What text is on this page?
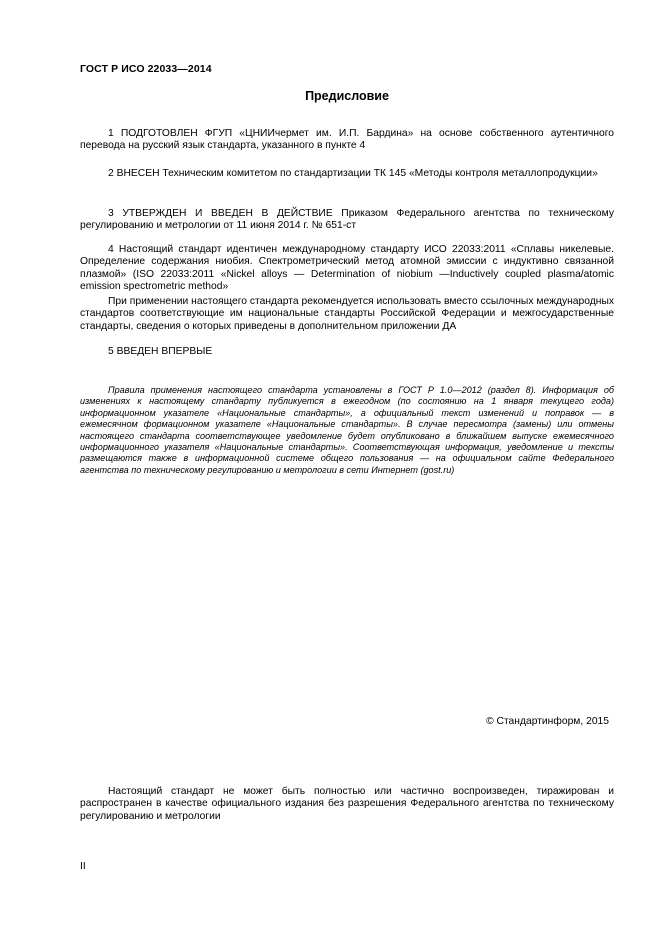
ГОСТ Р ИСО 22033—2014
Предисловие

1 ПОДГОТОВЛЕН ФГУП «ЦНИИчермет им. И.П. Бардина» на основе собственного аутентичного перевода на русский язык стандарта, указанного в пункте 4

2 ВНЕСЕН Техническим комитетом по стандартизации ТК 145 «Методы контроля металлопродукции»

3 УТВЕРЖДЕН И ВВЕДЕН В ДЕЙСТВИЕ Приказом Федерального агентства по техническому регулированию и метрологии от 11 июня 2014 г. № 651-ст

4 Настоящий стандарт идентичен международному стандарту ИСО 22033:2011 «Сплавы никелевые. Определение содержания ниобия. Спектрометрический метод атомной эмиссии с индуктивно связанной плазмой» (ISO 22033:2011 «Nickel alloys — Determination of niobium —Inductively coupled plasma/atomic emission spectrometric method»

При применении настоящего стандарта рекомендуется использовать вместо ссылочных международных стандартов соответствующие им национальные стандарты Российской Федерации и межгосударственные стандарты, сведения о которых приведены в дополнительном приложении ДА

5 ВВЕДЕН ВПЕРВЫЕ

Правила применения настоящего стандарта установлены в ГОСТ Р 1.0—2012 (раздел 8). Информация об изменениях к настоящему стандарту публикуется в ежегодном (по состоянию на 1 января текущего года) информационном указателе «Национальные стандарты», а официальный текст изменений и поправок — в ежемесячном формационном указателе «Национальные стандарты». В случае пересмотра (замены) или отмены настоящего стандарта соответствующее уведомление будет опубликовано в ближайшем выпуске ежемесячного информационного указателя «Национальные стандарты». Соответствующая информация, уведомление и тексты размещаются также в информационной системе общего пользования — на официальном сайте Федерального агентства по техническому регулированию и метрологии в сети Интернет (gost.ru)

© Стандартинформ, 2015

Настоящий стандарт не может быть полностью или частично воспроизведен, тиражирован и распространен в качестве официального издания без разрешения Федерального агентства по техническому регулированию и метрологии

II
